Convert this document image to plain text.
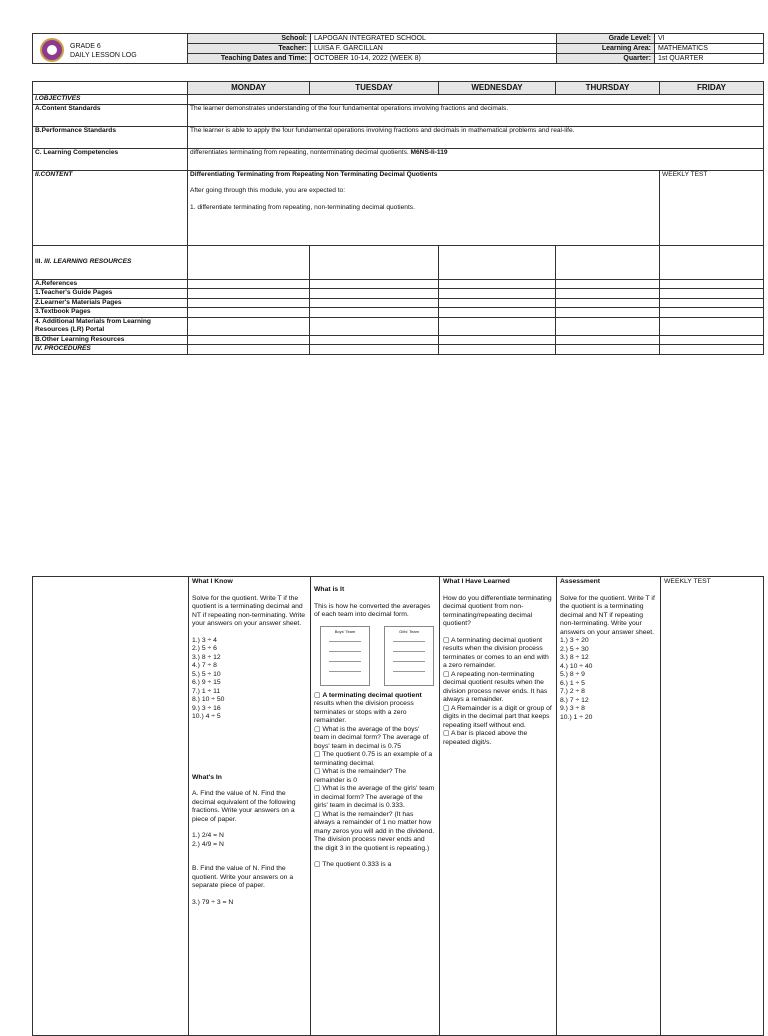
GRADE 6
DAILY LESSON LOG	School:	LAPOGAN INTEGRATED SCHOOL	Grade Level:	VI
	Teacher:	LUISA F. GARCILLAN	Learning Area:	MATHEMATICS
	Teaching Dates and Time:	OCTOBER 10-14, 2022 (WEEK 8)	Quarter:	1st QUARTER
	MONDAY	TUESDAY	WEDNESDAY	THURSDAY	FRIDAY
I.OBJECTIVES					
A.Content Standards	The learner demonstrates understanding of the four fundamental operations involving fractions and decimals.				
B.Performance Standards	The learner is able to apply the four fundamental operations involving fractions and decimals in mathematical problems and real-life.				
C. Learning Competencies	differentiates terminating from repeating, nonterminating decimal quotients. M6NS-Ii-119				
II.CONTENT	Differentiating Terminating from Repeating Non Terminating Decimal Quotients
After going through this module, you are expected to:
1. differentiate terminating from repeating, non-terminating decimal quotients.				WEEKLY TEST
III. III. LEARNING RESOURCES					
A.References					
1.Teacher's Guide Pages					
2.Learner's Materials Pages					
3.Textbook Pages					
4. Additional Materials from Learning Resources (LR) Portal					
B.Other Learning Resources					
IV. PROCEDURES					

What I Know
Solve for the quotient. Write T if the quotient is a terminating decimal and NT if repeating non-terminating. Write your answers on your answer sheet.
1.) 3 ÷ 4
2.) 5 ÷ 6
3.) 8 ÷ 12
4.) 7 ÷ 8
5.) 5 ÷ 10
6.) 9 ÷ 15
7.) 1 ÷ 11
8.) 10 ÷ 50
9.) 3 ÷ 16
10.) 4 ÷ 5
What's In
A. Find the value of N. Find the decimal equivalent of the following fractions. Write your answers on a piece of paper.
1.) 2/4 = N
2.) 4/9 = N
B. Find the value of N. Find the quotient. Write your answers on a separate piece of paper.
3.) 79 ÷ 3 = N

What is It
This is how he converted the averages of each team into decimal form.
Boys' Team	Girls' Team
▢ A terminating decimal quotient results when the division process terminates or stops with a zero remainder.
▢ What is the average of the boys' team in decimal form? The average of boys' team in decimal is 0.75
▢ The quotient 0.75 is an example of a terminating decimal.
▢ What is the remainder? The remainder is 0
▢ What is the average of the girls' team in decimal form? The average of the girls' team in decimal is 0.333.
▢ What is the remainder? (It has always a remainder of 1 no matter how many zeros you will add in the dividend. The division process never ends and the digit 3 in the quotient is repeating.)
▢ The quotient 0.333 is a

What I Have Learned
How do you differentiate terminating decimal quotient from non-terminating/repeating decimal quotient?
▢ A terminating decimal quotient results when the division process terminates or comes to an end with a zero remainder.
▢ A repeating non-terminating decimal quotient results when the division process never ends. It has always a remainder.
▢ A Remainder is a digit or group of digits in the decimal part that keeps repeating itself without end.
▢ A bar is placed above the repeated digit/s.

Assessment
Solve for the quotient. Write T if the quotient is a terminating decimal and NT if repeating non-terminating. Write your answers on your answer sheet.
1.) 3 ÷ 20
2.) 5 ÷ 30
3.) 8 ÷ 12
4.) 10 ÷ 40
5.) 8 ÷ 9
6.) 1 ÷ 5
7.) 2 ÷ 8
8.) 7 ÷ 12
9.) 3 ÷ 8
10.) 1 ÷ 20
	WEEKLY TEST
